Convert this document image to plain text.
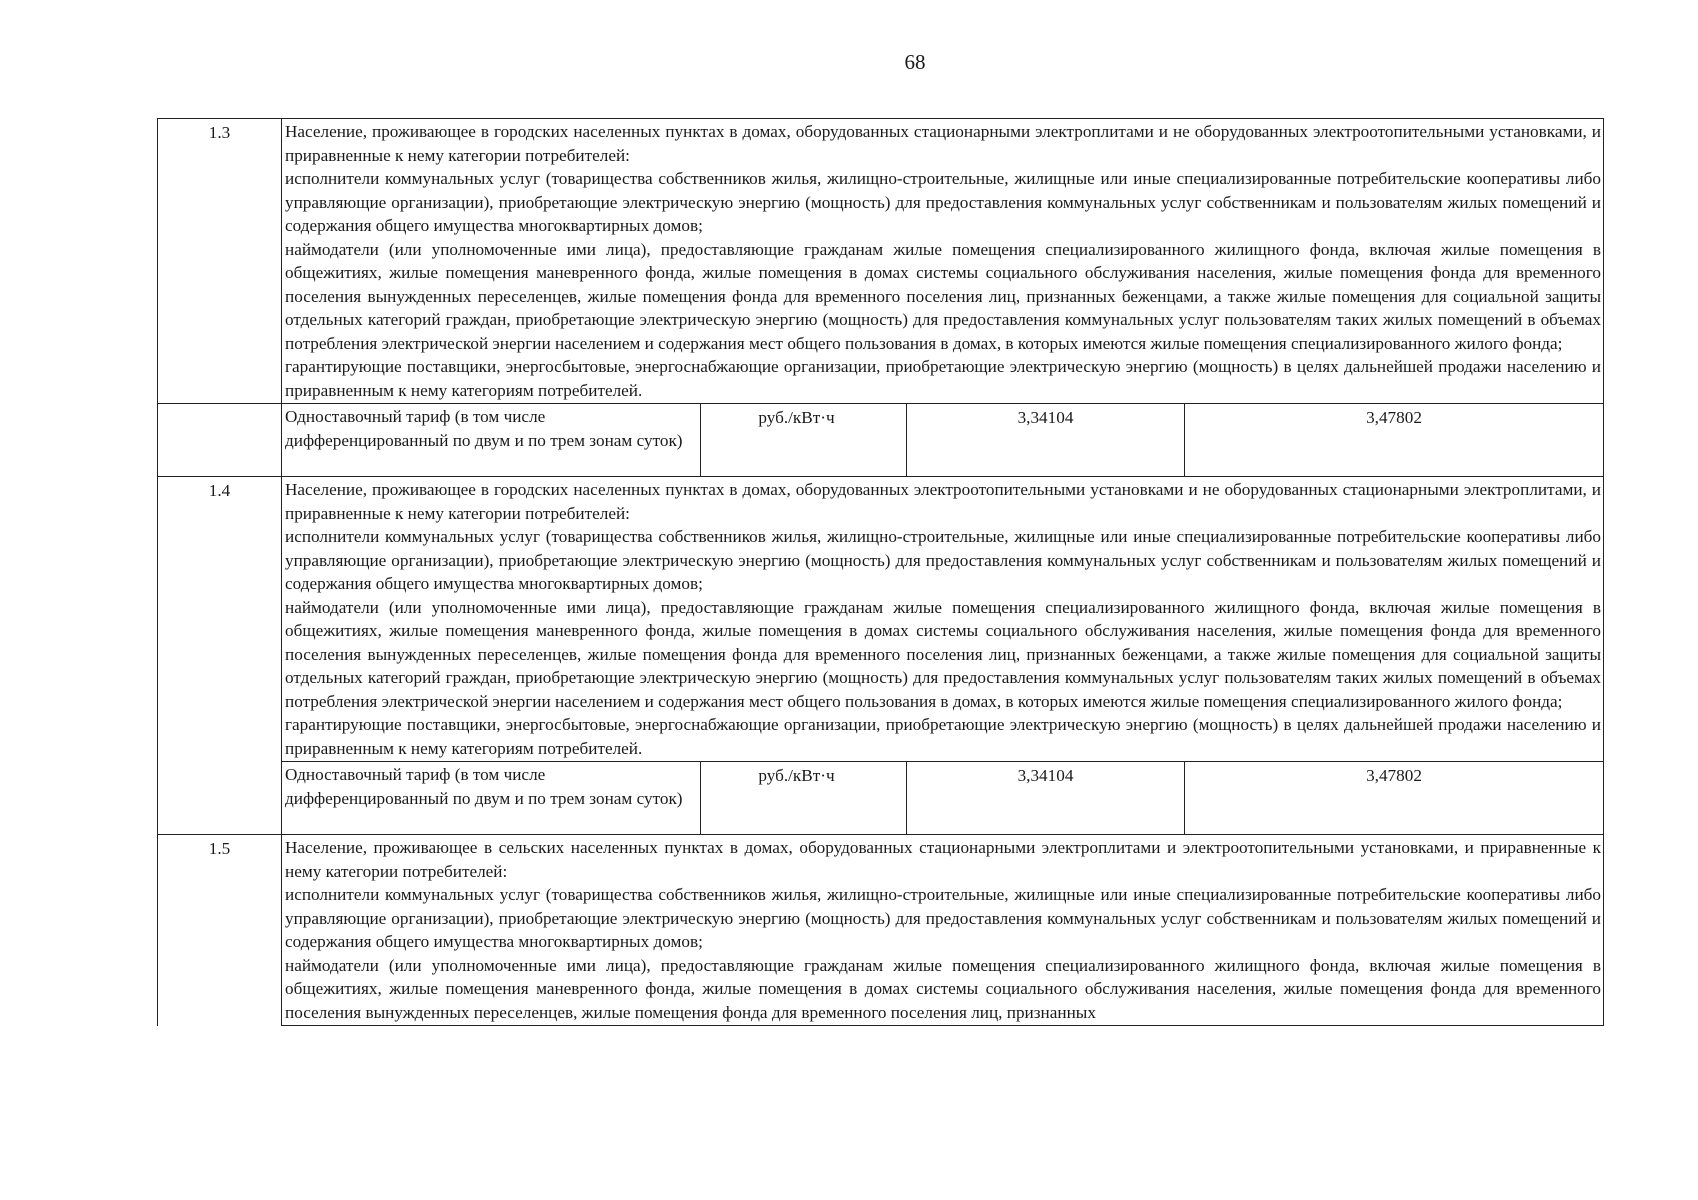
68
1.3	Население, проживающее в городских населенных пунктах в домах, оборудованных стационарными электроплитами и не оборудованных электроотопительными установками, и приравненные к нему категории потребителей:

исполнители коммунальных услуг (товарищества собственников жилья, жилищно-строительные, жилищные или иные специализированные потребительские кооперативы либо управляющие организации), приобретающие электрическую энергию (мощность) для предоставления коммунальных услуг собственникам и пользователям жилых помещений и содержания общего имущества многоквартирных домов;

наймодатели (или уполномоченные ими лица), предоставляющие гражданам жилые помещения специализированного жилищного фонда, включая жилые помещения в общежитиях, жилые помещения маневренного фонда, жилые помещения в домах системы социального обслуживания населения, жилые помещения фонда для временного поселения вынужденных переселенцев, жилые помещения фонда для временного поселения лиц, признанных беженцами, а также жилые помещения для социальной защиты отдельных категорий граждан, приобретающие электрическую энергию (мощность) для предоставления коммунальных услуг пользователям таких жилых помещений в объемах потребления электрической энергии населением и содержания мест общего пользования в домах, в которых имеются жилые помещения специализированного жилого фонда;

гарантирующие поставщики, энергосбытовые, энергоснабжающие организации, приобретающие электрическую энергию (мощность) в целях дальнейшей продажи населению и приравненным к нему категориям потребителей.			

	Одноставочный тариф (в том числе дифференцированный по двум и по трем зонам суток)	руб./кВт·ч	3,34104	3,47802
1.4	Население, проживающее в городских населенных пунктах в домах, оборудованных электроотопительными установками и не оборудованных стационарными электроплитами, и приравненные к нему категории потребителей:

исполнители коммунальных услуг (товарищества собственников жилья, жилищно-строительные, жилищные или иные специализированные потребительские кооперативы либо управляющие организации), приобретающие электрическую энергию (мощность) для предоставления коммунальных услуг собственникам и пользователям жилых помещений и содержания общего имущества многоквартирных домов;

наймодатели (или уполномоченные ими лица), предоставляющие гражданам жилые помещения специализированного жилищного фонда, включая жилые помещения в общежитиях, жилые помещения маневренного фонда, жилые помещения в домах системы социального обслуживания населения, жилые помещения фонда для временного поселения вынужденных переселенцев, жилые помещения фонда для временного поселения лиц, признанных беженцами, а также жилые помещения для социальной защиты отдельных категорий граждан, приобретающие электрическую энергию (мощность) для предоставления коммунальных услуг пользователям таких жилых помещений в объемах потребления электрической энергии населением и содержания мест общего пользования в домах, в которых имеются жилые помещения специализированного жилого фонда;

гарантирующие поставщики, энергосбытовые, энергоснабжающие организации, приобретающие электрическую энергию (мощность) в целях дальнейшей продажи населению и приравненным к нему категориям потребителей.			

	Одноставочный тариф (в том числе дифференцированный по двум и по трем зонам суток)	руб./кВт·ч	3,34104	3,47802
1.5	Население, проживающее в сельских населенных пунктах в домах, оборудованных стационарными электроплитами и электроотопительными установками, и приравненные к нему категории потребителей:

исполнители коммунальных услуг (товарищества собственников жилья, жилищно-строительные, жилищные или иные специализированные потребительские кооперативы либо управляющие организации), приобретающие электрическую энергию (мощность) для предоставления коммунальных услуг собственникам и пользователям жилых помещений и содержания общего имущества многоквартирных домов;

наймодатели (или уполномоченные ими лица), предоставляющие гражданам жилые помещения специализированного жилищного фонда, включая жилые помещения в общежитиях, жилые помещения маневренного фонда, жилые помещения в домах системы социального обслуживания населения, жилые помещения фонда для временного поселения вынужденных переселенцев, жилые помещения фонда для временного поселения лиц, признанных			
